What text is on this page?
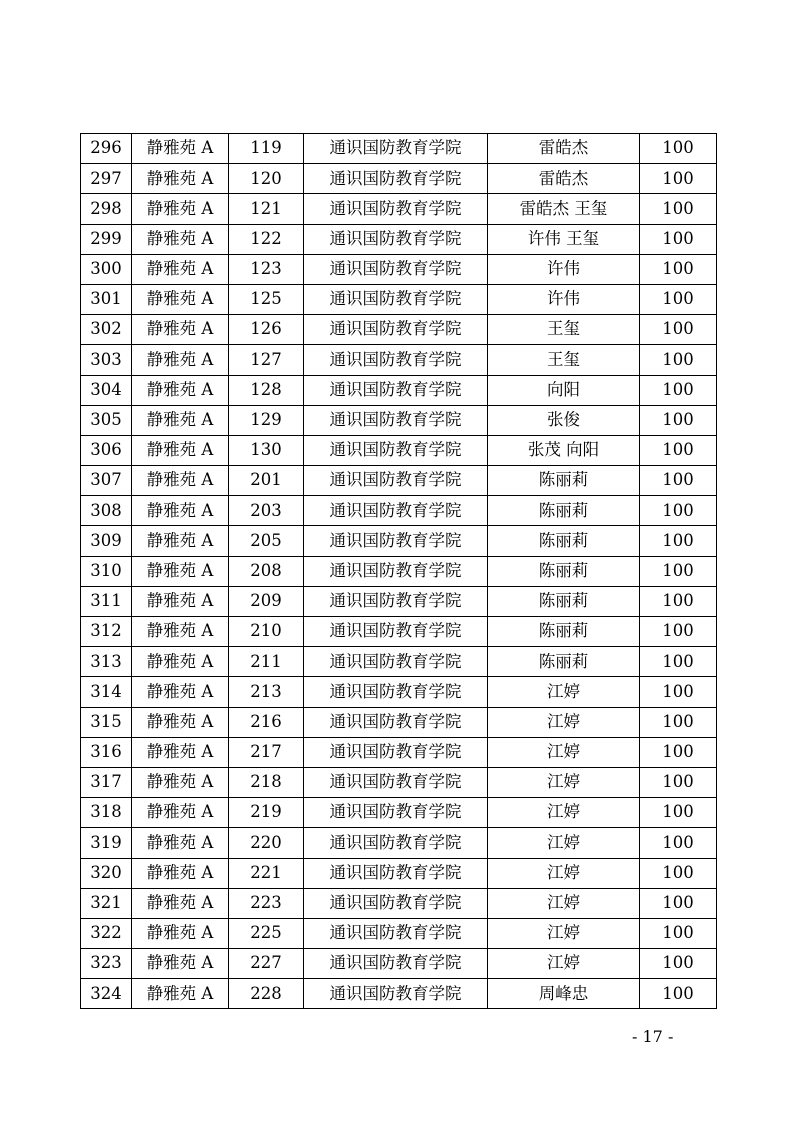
296	静雅苑 A	119	通识国防教育学院	雷皓杰	100
297	静雅苑 A	120	通识国防教育学院	雷皓杰	100
298	静雅苑 A	121	通识国防教育学院	雷皓杰 王玺	100
299	静雅苑 A	122	通识国防教育学院	许伟 王玺	100
300	静雅苑 A	123	通识国防教育学院	许伟	100
301	静雅苑 A	125	通识国防教育学院	许伟	100
302	静雅苑 A	126	通识国防教育学院	王玺	100
303	静雅苑 A	127	通识国防教育学院	王玺	100
304	静雅苑 A	128	通识国防教育学院	向阳	100
305	静雅苑 A	129	通识国防教育学院	张俊	100
306	静雅苑 A	130	通识国防教育学院	张茂 向阳	100
307	静雅苑 A	201	通识国防教育学院	陈丽莉	100
308	静雅苑 A	203	通识国防教育学院	陈丽莉	100
309	静雅苑 A	205	通识国防教育学院	陈丽莉	100
310	静雅苑 A	208	通识国防教育学院	陈丽莉	100
311	静雅苑 A	209	通识国防教育学院	陈丽莉	100
312	静雅苑 A	210	通识国防教育学院	陈丽莉	100
313	静雅苑 A	211	通识国防教育学院	陈丽莉	100
314	静雅苑 A	213	通识国防教育学院	江婷	100
315	静雅苑 A	216	通识国防教育学院	江婷	100
316	静雅苑 A	217	通识国防教育学院	江婷	100
317	静雅苑 A	218	通识国防教育学院	江婷	100
318	静雅苑 A	219	通识国防教育学院	江婷	100
319	静雅苑 A	220	通识国防教育学院	江婷	100
320	静雅苑 A	221	通识国防教育学院	江婷	100
321	静雅苑 A	223	通识国防教育学院	江婷	100
322	静雅苑 A	225	通识国防教育学院	江婷	100
323	静雅苑 A	227	通识国防教育学院	江婷	100
324	静雅苑 A	228	通识国防教育学院	周峰忠	100
- 17 -
